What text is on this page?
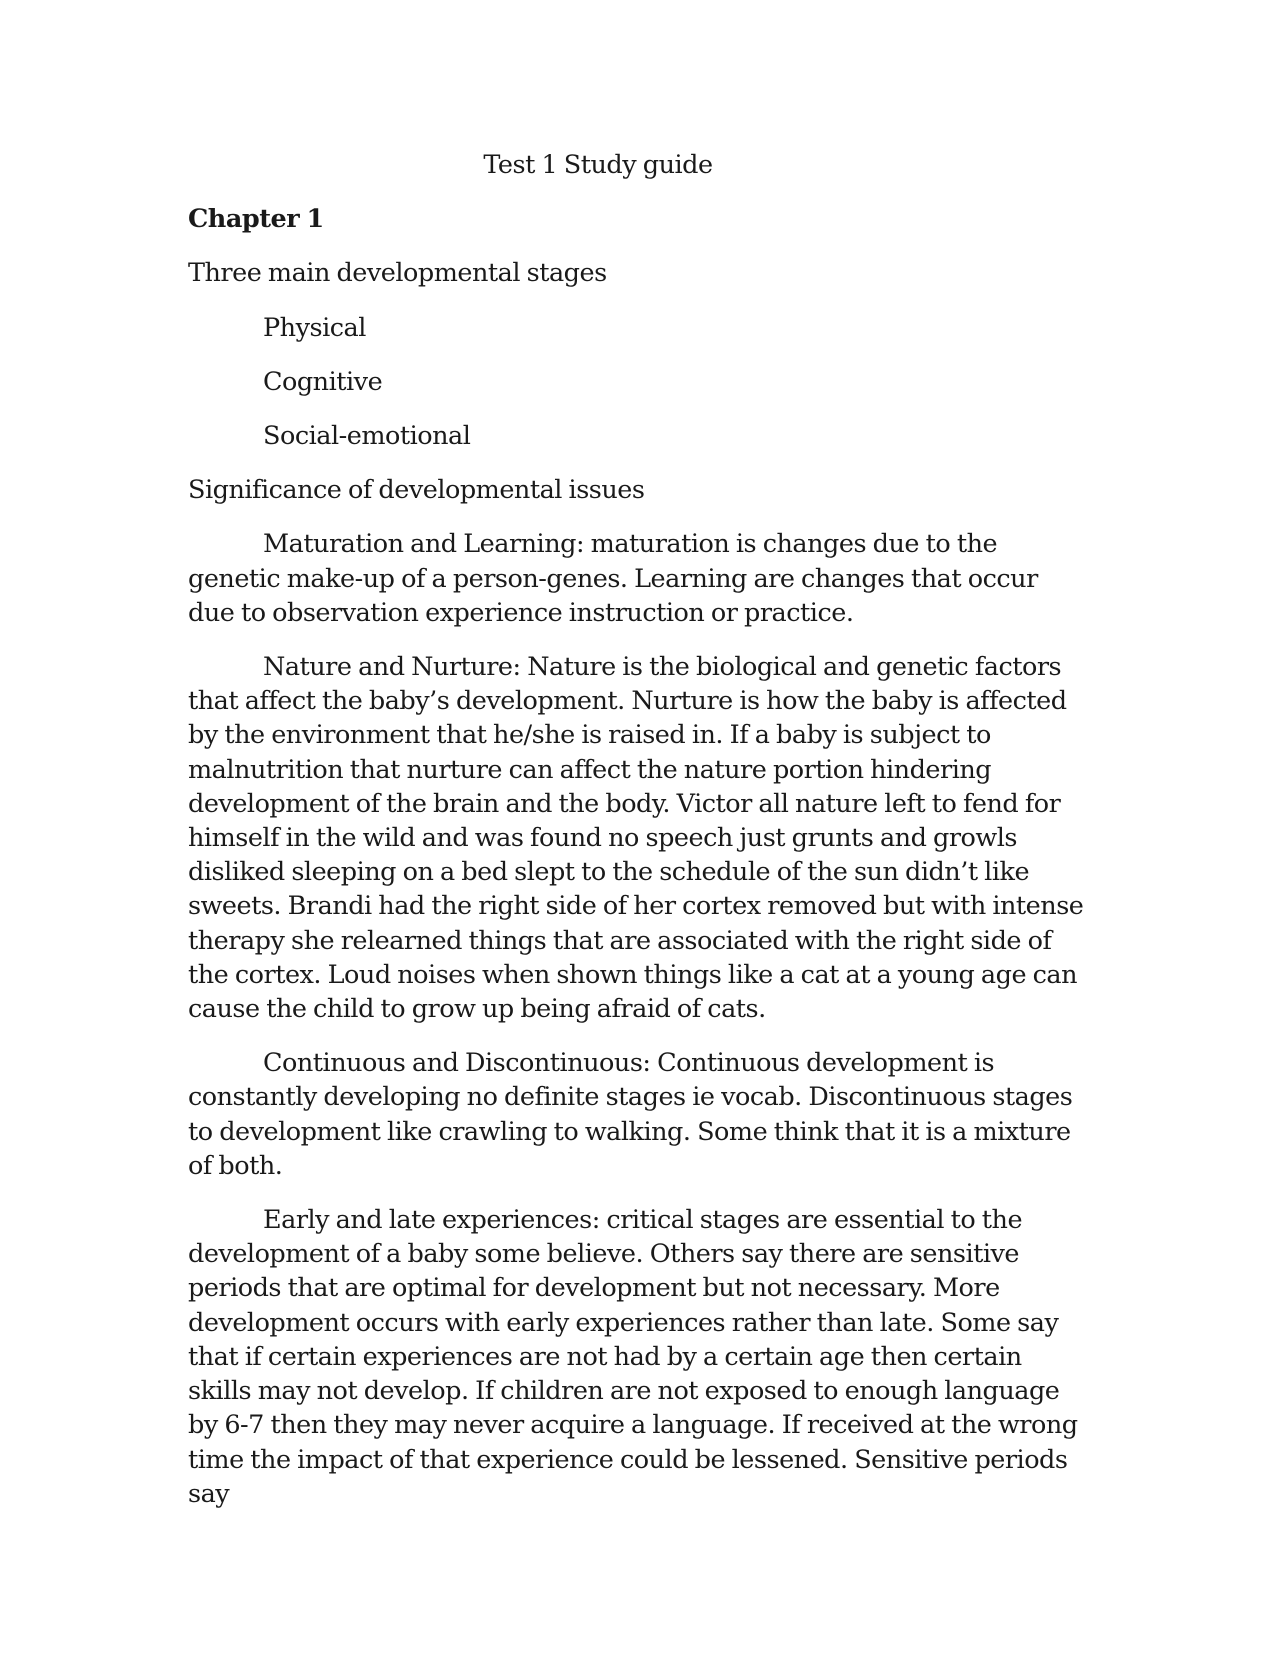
Test 1 Study guide
Chapter 1
Three main developmental stages
Physical
Cognitive
Social-emotional
Significance of developmental issues
Maturation and Learning: maturation is changes due to the genetic make-up of a person-genes. Learning are changes that occur due to observation experience instruction or practice.
Nature and Nurture: Nature is the biological and genetic factors that affect the baby’s development. Nurture is how the baby is affected by the environment that he/she is raised in. If a baby is subject to malnutrition that nurture can affect the nature portion hindering development of the brain and the body. Victor all nature left to fend for himself in the wild and was found no speech just grunts and growls disliked sleeping on a bed slept to the schedule of the sun didn’t like sweets. Brandi had the right side of her cortex removed but with intense therapy she relearned things that are associated with the right side of the cortex. Loud noises when shown things like a cat at a young age can cause the child to grow up being afraid of cats.
Continuous and Discontinuous: Continuous development is constantly developing no definite stages ie vocab. Discontinuous stages to development like crawling to walking. Some think that it is a mixture of both.
Early and late experiences: critical stages are essential to the development of a baby some believe. Others say there are sensitive periods that are optimal for development but not necessary. More development occurs with early experiences rather than late. Some say that if certain experiences are not had by a certain age then certain skills may not develop. If children are not exposed to enough language by 6-7 then they may never acquire a language. If received at the wrong time the impact of that experience could be lessened. Sensitive periods say
